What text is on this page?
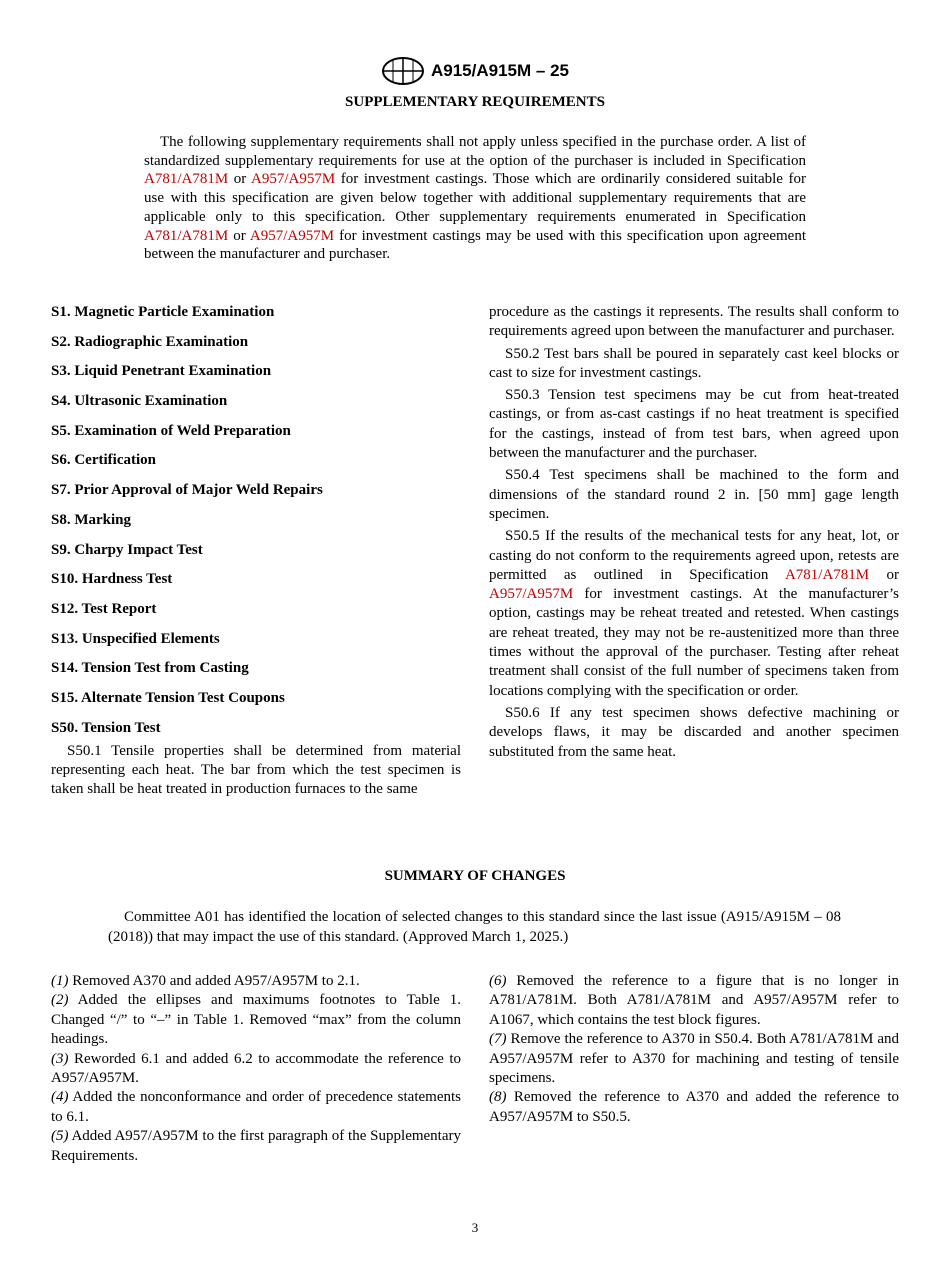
A915/A915M – 25
SUPPLEMENTARY REQUIREMENTS

The following supplementary requirements shall not apply unless specified in the purchase order. A list of standardized supplementary requirements for use at the option of the purchaser is included in Specification A781/A781M or A957/A957M for investment castings. Those which are ordinarily considered suitable for use with this specification are given below together with additional supplementary requirements that are applicable only to this specification. Other supplementary requirements enumerated in Specification A781/A781M or A957/A957M for investment castings may be used with this specification upon agreement between the manufacturer and purchaser.

S1. Magnetic Particle Examination
S2. Radiographic Examination
S3. Liquid Penetrant Examination
S4. Ultrasonic Examination
S5. Examination of Weld Preparation
S6. Certification
S7. Prior Approval of Major Weld Repairs
S8. Marking
S9. Charpy Impact Test
S10. Hardness Test
S12. Test Report
S13. Unspecified Elements
S14. Tension Test from Casting
S15. Alternate Tension Test Coupons
S50. Tension Test

S50.1 Tensile properties shall be determined from material representing each heat. The bar from which the test specimen is taken shall be heat treated in production furnaces to the same

procedure as the castings it represents. The results shall conform to requirements agreed upon between the manufacturer and purchaser.

S50.2 Test bars shall be poured in separately cast keel blocks or cast to size for investment castings.

S50.3 Tension test specimens may be cut from heat-treated castings, or from as-cast castings if no heat treatment is specified for the castings, instead of from test bars, when agreed upon between the manufacturer and the purchaser.

S50.4 Test specimens shall be machined to the form and dimensions of the standard round 2 in. [50 mm] gage length specimen.

S50.5 If the results of the mechanical tests for any heat, lot, or casting do not conform to the requirements agreed upon, retests are permitted as outlined in Specification A781/A781M or A957/A957M for investment castings. At the manufacturer’s option, castings may be reheat treated and retested. When castings are reheat treated, they may not be re-austenitized more than three times without the approval of the purchaser. Testing after reheat treatment shall consist of the full number of specimens taken from locations complying with the specification or order.

S50.6 If any test specimen shows defective machining or develops flaws, it may be discarded and another specimen substituted from the same heat.

SUMMARY OF CHANGES

Committee A01 has identified the location of selected changes to this standard since the last issue (A915/A915M – 08 (2018)) that may impact the use of this standard. (Approved March 1, 2025.)

(1) Removed A370 and added A957/A957M to 2.1.

(2) Added the ellipses and maximums footnotes to Table 1. Changed “/” to “–” in Table 1. Removed “max” from the column headings.

(3) Reworded 6.1 and added 6.2 to accommodate the reference to A957/A957M.

(4) Added the nonconformance and order of precedence statements to 6.1.

(5) Added A957/A957M to the first paragraph of the Supplementary Requirements.

(6) Removed the reference to a figure that is no longer in A781/A781M. Both A781/A781M and A957/A957M refer to A1067, which contains the test block figures.

(7) Remove the reference to A370 in S50.4. Both A781/A781M and A957/A957M refer to A370 for machining and testing of tensile specimens.

(8) Removed the reference to A370 and added the reference to A957/A957M to S50.5.

3
